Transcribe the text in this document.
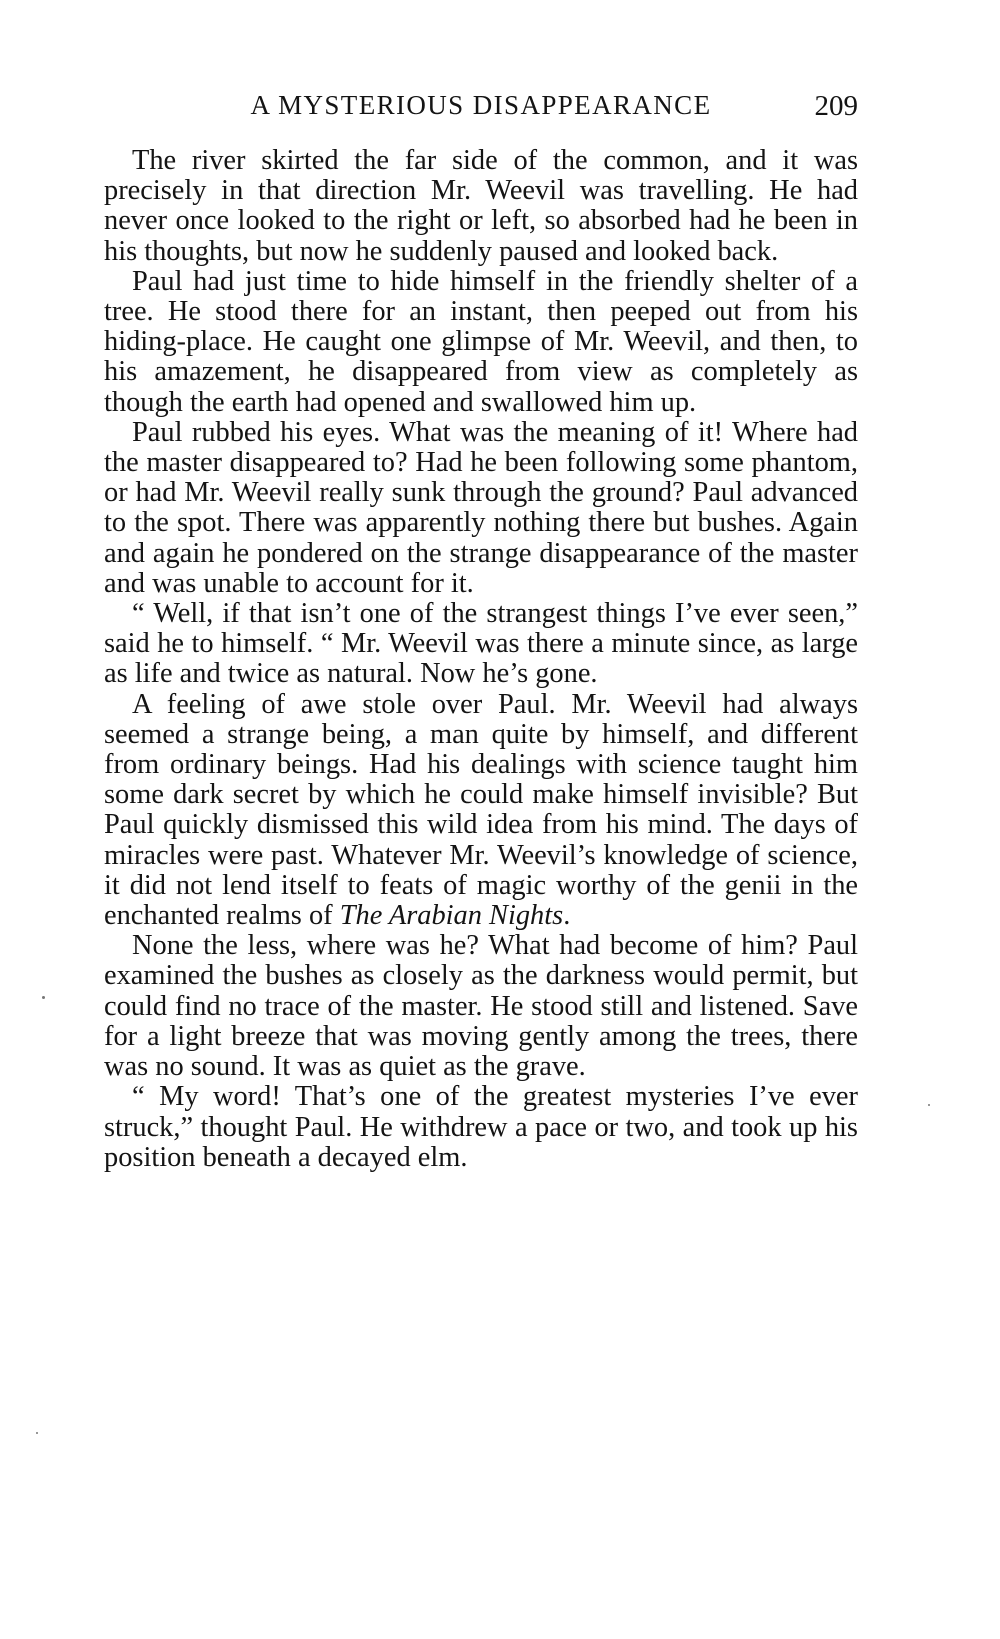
A MYSTERIOUS DISAPPEARANCE	209

The river skirted the far side of the common, and it was precisely in that direction Mr. Weevil was travelling. He had never once looked to the right or left, so absorbed had he been in his thoughts, but now he suddenly paused and looked back.

Paul had just time to hide himself in the friendly shelter of a tree. He stood there for an instant, then peeped out from his hiding-place. He caught one glimpse of Mr. Weevil, and then, to his amazement, he disappeared from view as completely as though the earth had opened and swallowed him up.

Paul rubbed his eyes. What was the meaning of it! Where had the master disappeared to? Had he been following some phantom, or had Mr. Weevil really sunk through the ground? Paul advanced to the spot. There was apparently nothing there but bushes. Again and again he pondered on the strange disappearance of the master and was unable to account for it.

“ Well, if that isn’t one of the strangest things I’ve ever seen,” said he to himself. “ Mr. Weevil was there a minute since, as large as life and twice as natural. Now he’s gone.

A feeling of awe stole over Paul. Mr. Weevil had always seemed a strange being, a man quite by himself, and different from ordinary beings. Had his dealings with science taught him some dark secret by which he could make himself invisible? But Paul quickly dismissed this wild idea from his mind. The days of miracles were past. Whatever Mr. Weevil’s knowledge of science, it did not lend itself to feats of magic worthy of the genii in the enchanted realms of The Arabian Nights.

None the less, where was he? What had become of him? Paul examined the bushes as closely as the darkness would permit, but could find no trace of the master. He stood still and listened. Save for a light breeze that was moving gently among the trees, there was no sound. It was as quiet as the grave.

“ My word! That’s one of the greatest mysteries I’ve ever struck,” thought Paul. He withdrew a pace or two, and took up his position beneath a decayed elm.
